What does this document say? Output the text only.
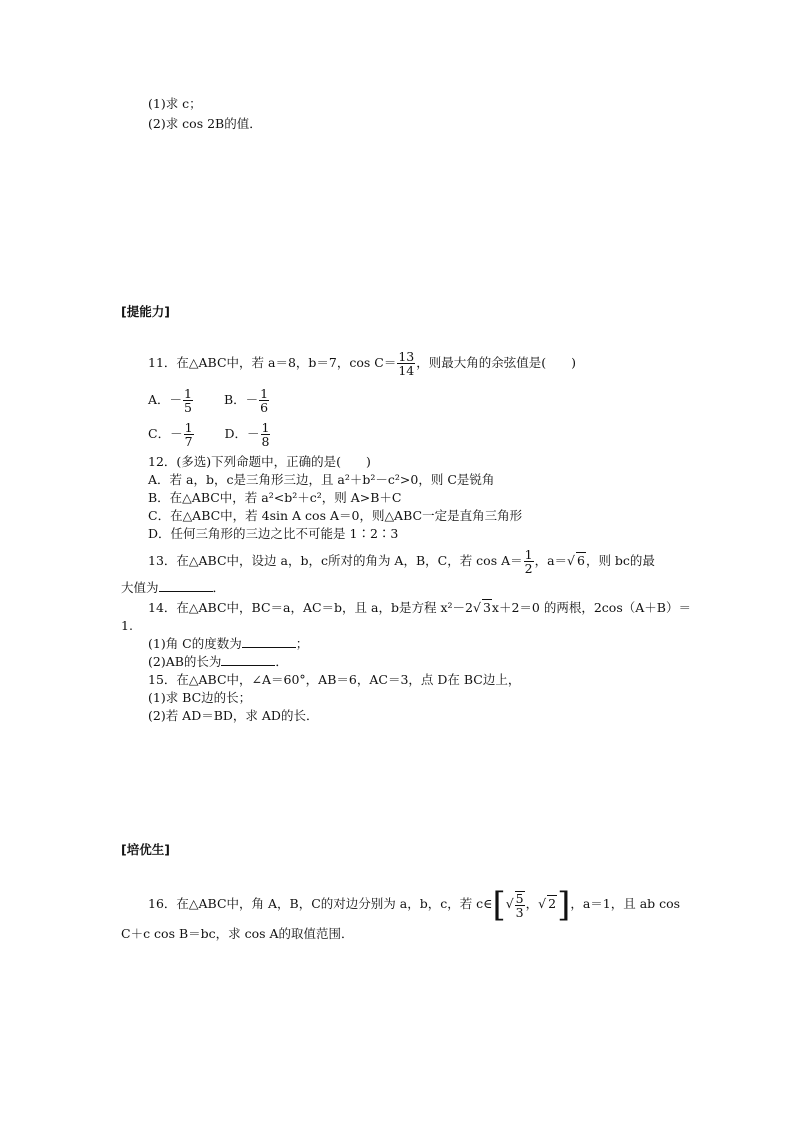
(1)求 c；
(2)求 cos 2B的值．
[提能力]
11．在△ABC中，若 a＝8，b＝7，$\cos C= \frac{13}{14}$ ，则最大角的余弦值是(　　)
A．－ $\frac{1}{5}$ B．－ $\frac{1}{6}$
C．－ $\frac{1}{7}$ D．－ $\frac{1}{8}$
12．(多选)下列命题中，正确的是(　　)
A．若 a，b，c是三角形三边，且 a²＋b²－c²>0，则 C是锐角
B．在△ABC中，若 a²<b²＋c²，则 A>B＋C
C．在△ABC中，若 4sin A cos A＝0，则△ABC一定是直角三角形
D．任何三角形的三边之比不可能是 1∶2∶3
13．在△ABC中，设边 a，b，c所对的角为 A，B，C，若 $\cos A= \frac{1}{2}$ ，a＝√ 6，则 bc的最
大值为	．
14．在△ABC中，BC＝a，AC＝b，且 a，b是方程 x²－2√ 3x＋2＝0 的两根，2cos（A＋B）＝
1.
(1)角 C的度数为	；
(2)AB的长为	．
15．在△ABC中，∠A＝60°，AB＝6，AC＝3，点 D在 BC边上，
(1)求 BC边的长；
(2)若 AD＝BD，求 AD的长．
[培优生]
16．在△ABC中，角 A，B，C的对边分别为 a，b，c，若 c∈[√ $\frac{5}{3}$ ，√ 2]，a＝1，且 ab cos
C＋c cos B＝bc，求 cos A的取值范围．
